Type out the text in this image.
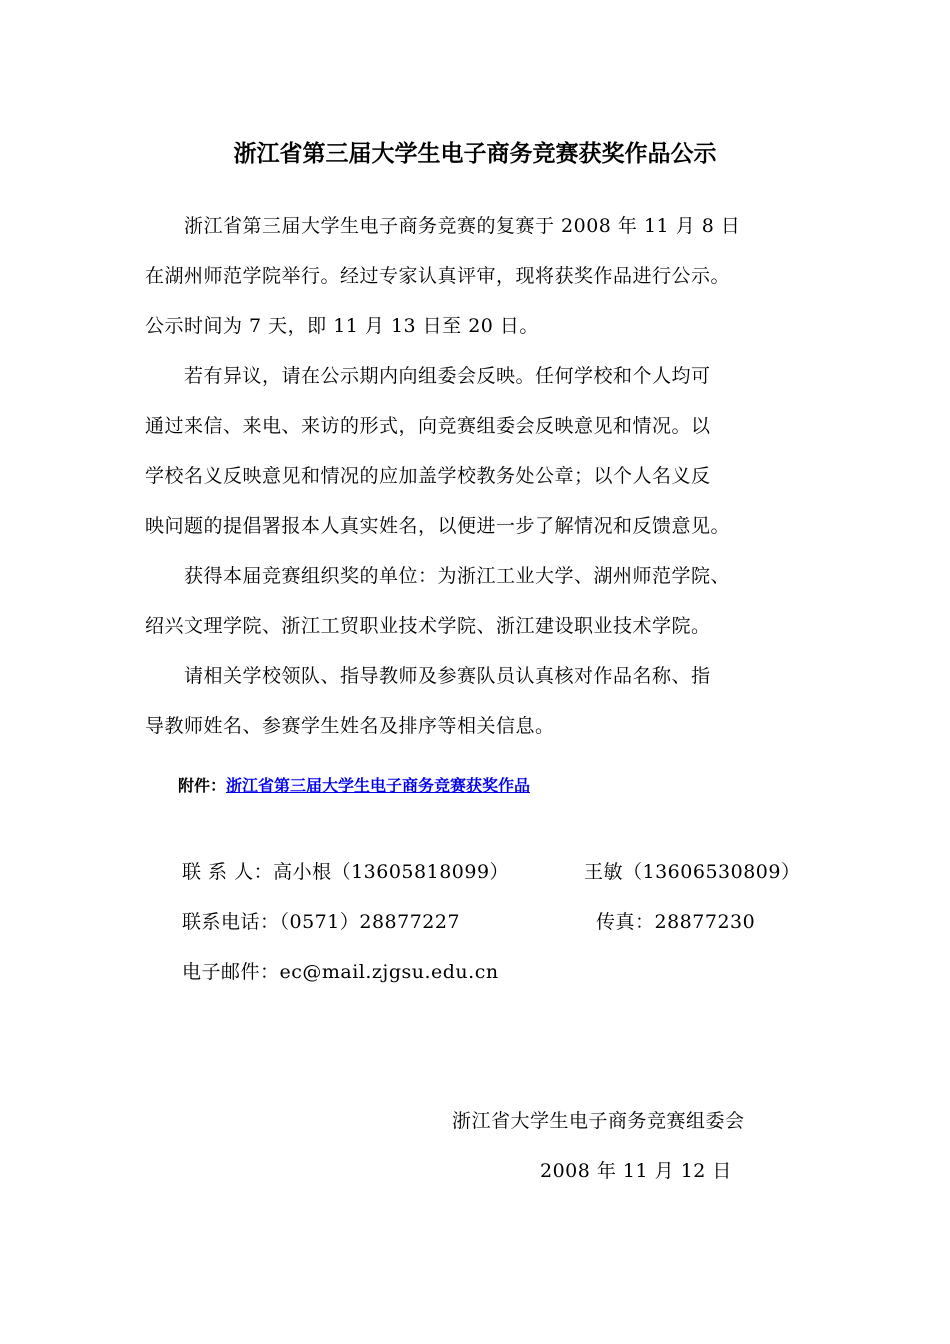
浙江省第三届大学生电子商务竞赛获奖作品公示
　　浙江省第三届大学生电子商务竞赛的复赛于 2008 年 11 月 8 日
在湖州师范学院举行。经过专家认真评审，现将获奖作品进行公示。
公示时间为 7 天，即 11 月 13 日至 20 日。
　　若有异议，请在公示期内向组委会反映。任何学校和个人均可
通过来信、来电、来访的形式，向竞赛组委会反映意见和情况。以
学校名义反映意见和情况的应加盖学校教务处公章；以个人名义反
映问题的提倡署报本人真实姓名，以便进一步了解情况和反馈意见。
　　获得本届竞赛组织奖的单位：为浙江工业大学、湖州师范学院、
绍兴文理学院、浙江工贸职业技术学院、浙江建设职业技术学院。
　　请相关学校领队、指导教师及参赛队员认真核对作品名称、指
导教师姓名、参赛学生姓名及排序等相关信息。
附件：浙江省第三届大学生电子商务竞赛获奖作品
联 系 人：高小根（13605818099）	王敏（13606530809）
联系电话：（0571）28877227	传真：28877230
电子邮件：ec@mail.zjgsu.edu.cn
浙江省大学生电子商务竞赛组委会
2008 年 11 月 12 日
